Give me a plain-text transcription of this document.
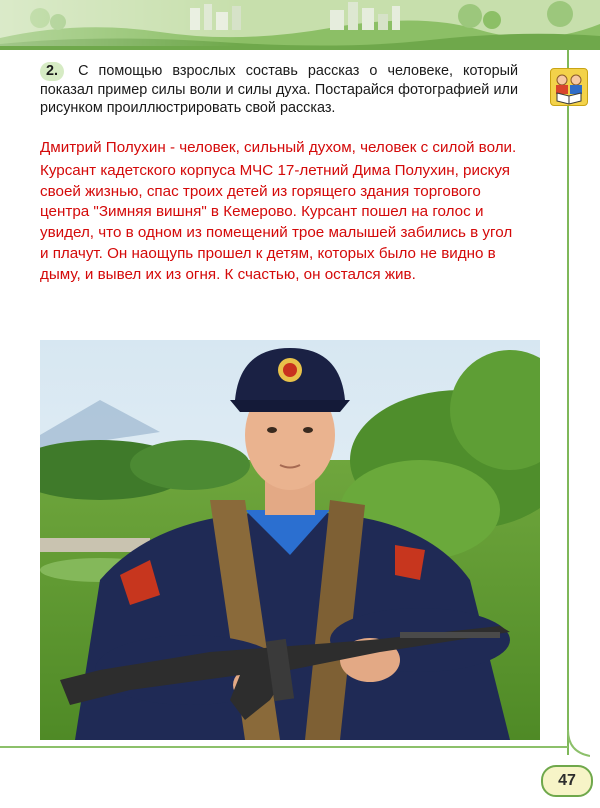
2. С помощью взрослых составь рассказ о человеке, который показал пример силы воли и силы духа. Постарайся фотографией или рисунком проиллюстрировать свой рассказ.

Дмитрий Полухин - человек, сильный духом, человек с силой воли.

Курсант кадетского корпуса МЧС 17-летний Дима Полухин, рискуя своей жизнью, спас троих детей из горящего здания торгового центра "Зимняя вишня" в Кемерово. Курсант пошел на голос и увидел, что в одном из помещений трое малышей забились в угол и плачут. Он наощупь прошел к детям, которых было не видно в дыму, и вывел их из огня. К счастью, он остался жив.

47
